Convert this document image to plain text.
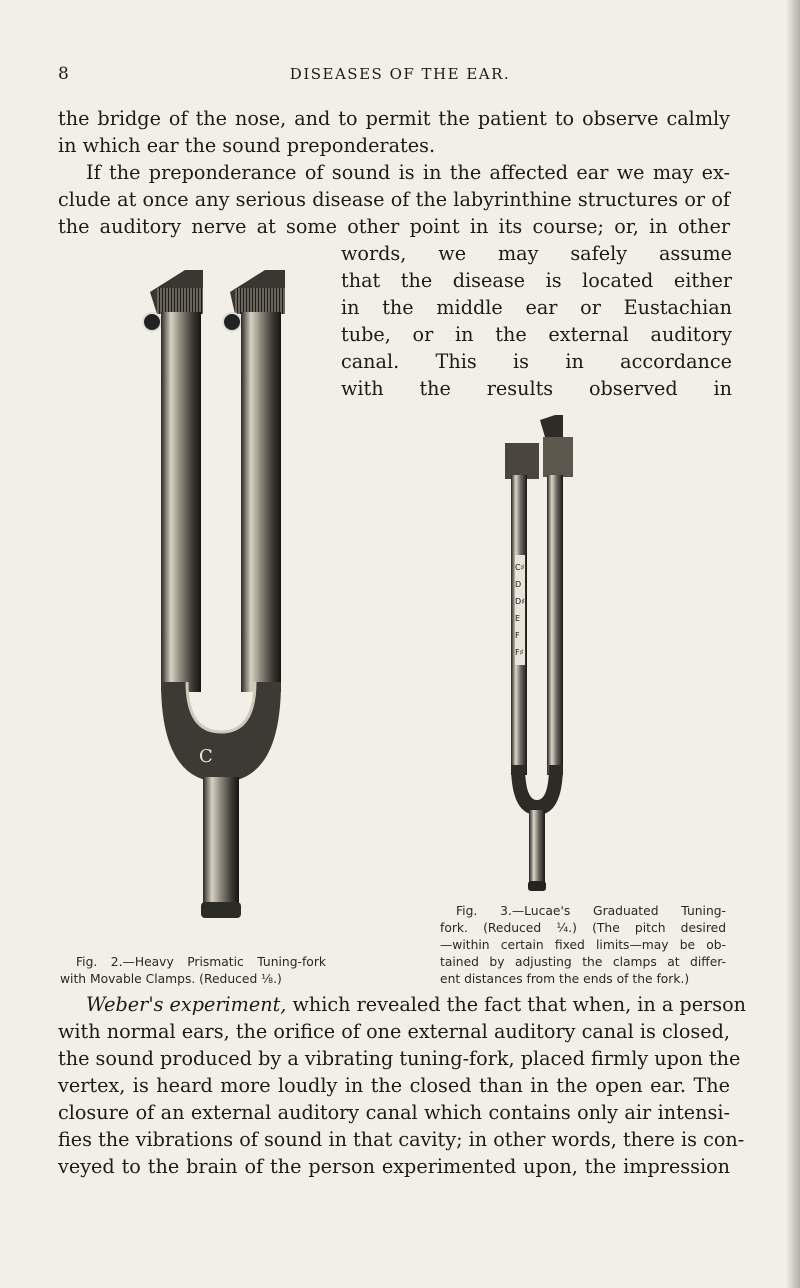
8	DISEASES OF THE EAR.
the bridge of the nose, and to permit the patient to observe calmly
in which ear the sound preponderates.
If the preponderance of sound is in the affected ear we may ex-
clude at once any serious disease of the labyrinthine structures or of
the auditory nerve at some other point in its course; or, in other
words, we may safely assume
that the disease is located either
in the middle ear or Eustachian
tube, or in the external auditory
canal. This is in accordance
with the results observed in
C
C♯
D
D♯
E
F
F♯
Fig. 3.—Lucae's Graduated Tuning-
fork. (Reduced ¼.) (The pitch desired
—within certain fixed limits—may be ob-
tained by adjusting the clamps at differ-
ent distances from the ends of the fork.)
Fig. 2.—Heavy Prismatic Tuning-fork
with Movable Clamps. (Reduced ⅛.)
Weber's experiment, which revealed the fact that when, in a person
with normal ears, the orifice of one external auditory canal is closed,
the sound produced by a vibrating tuning-fork, placed firmly upon the
vertex, is heard more loudly in the closed than in the open ear. The
closure of an external auditory canal which contains only air intensi-
fies the vibrations of sound in that cavity; in other words, there is con-
veyed to the brain of the person experimented upon, the impression
